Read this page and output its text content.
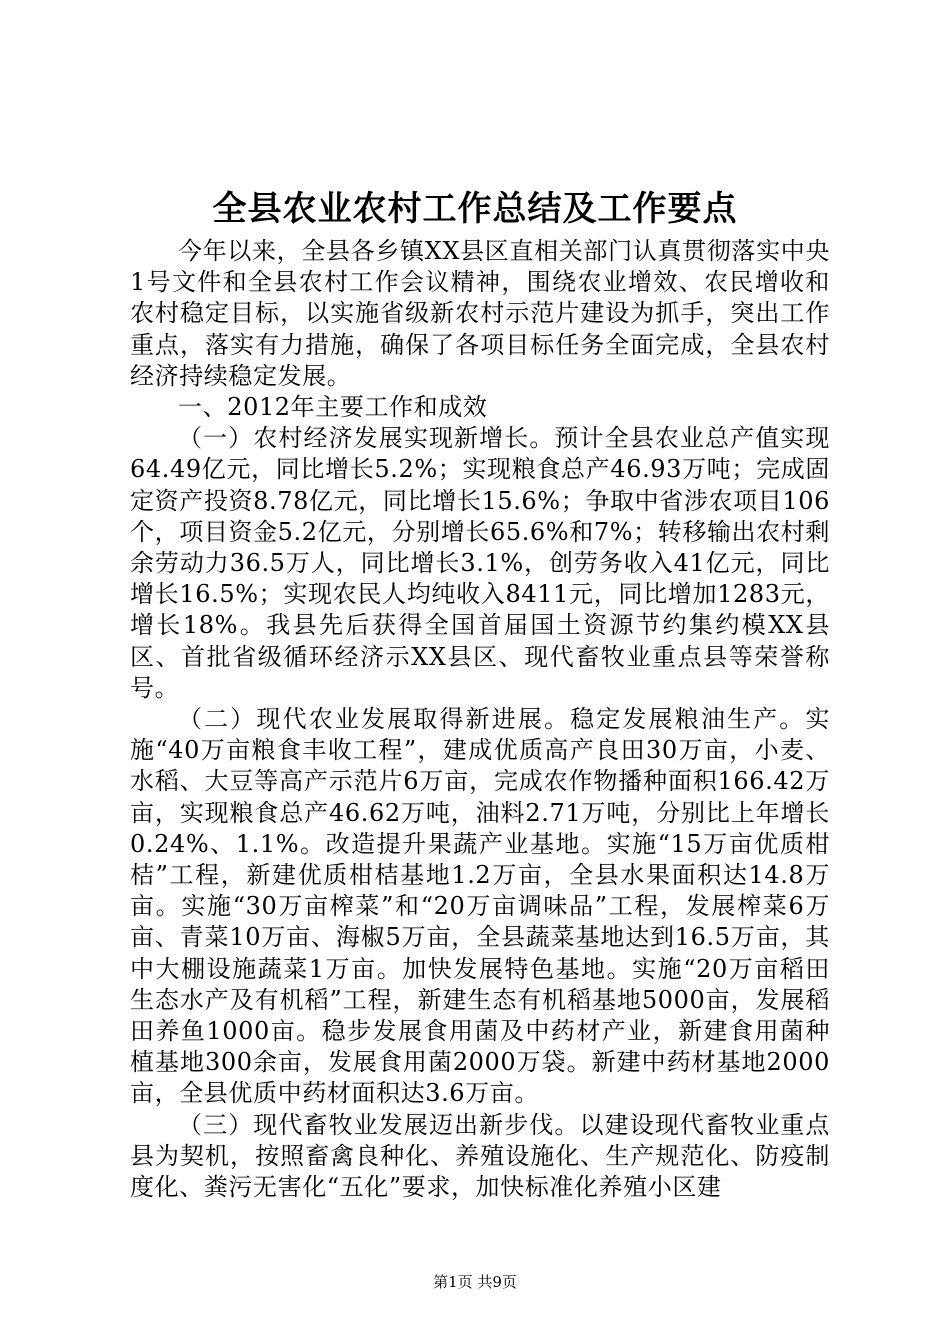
全县农业农村工作总结及工作要点

今年以来，全县各乡镇XX县区直相关部门认真贯彻落实中央1号文件和全县农村工作会议精神，围绕农业增效、农民增收和农村稳定目标，以实施省级新农村示范片建设为抓手，突出工作重点，落实有力措施，确保了各项目标任务全面完成，全县农村经济持续稳定发展。

一、2012年主要工作和成效

（一）农村经济发展实现新增长。预计全县农业总产值实现64.49亿元，同比增长5.2%；实现粮食总产46.93万吨；完成固定资产投资8.78亿元，同比增长15.6%；争取中省涉农项目106个，项目资金5.2亿元，分别增长65.6%和7%；转移输出农村剩余劳动力36.5万人，同比增长3.1%，创劳务收入41亿元，同比增长16.5%；实现农民人均纯收入8411元，同比增加1283元，增长18%。我县先后获得全国首届国土资源节约集约模XX县区、首批省级循环经济示XX县区、现代畜牧业重点县等荣誉称号。

（二）现代农业发展取得新进展。稳定发展粮油生产。实施“40万亩粮食丰收工程”，建成优质高产良田30万亩，小麦、水稻、大豆等高产示范片6万亩，完成农作物播种面积166.42万亩，实现粮食总产46.62万吨，油料2.71万吨，分别比上年增长0.24%、1.1%。改造提升果蔬产业基地。实施“15万亩优质柑桔”工程，新建优质柑桔基地1.2万亩，全县水果面积达14.8万亩。实施“30万亩榨菜”和“20万亩调味品”工程，发展榨菜6万亩、青菜10万亩、海椒5万亩，全县蔬菜基地达到16.5万亩，其中大棚设施蔬菜1万亩。加快发展特色基地。实施“20万亩稻田生态水产及有机稻”工程，新建生态有机稻基地5000亩，发展稻田养鱼1000亩。稳步发展食用菌及中药材产业，新建食用菌种植基地300余亩，发展食用菌2000万袋。新建中药材基地2000亩，全县优质中药材面积达3.6万亩。

（三）现代畜牧业发展迈出新步伐。以建设现代畜牧业重点县为契机，按照畜禽良种化、养殖设施化、生产规范化、防疫制度化、粪污无害化“五化”要求，加快标准化养殖小区建

第1页 共9页
